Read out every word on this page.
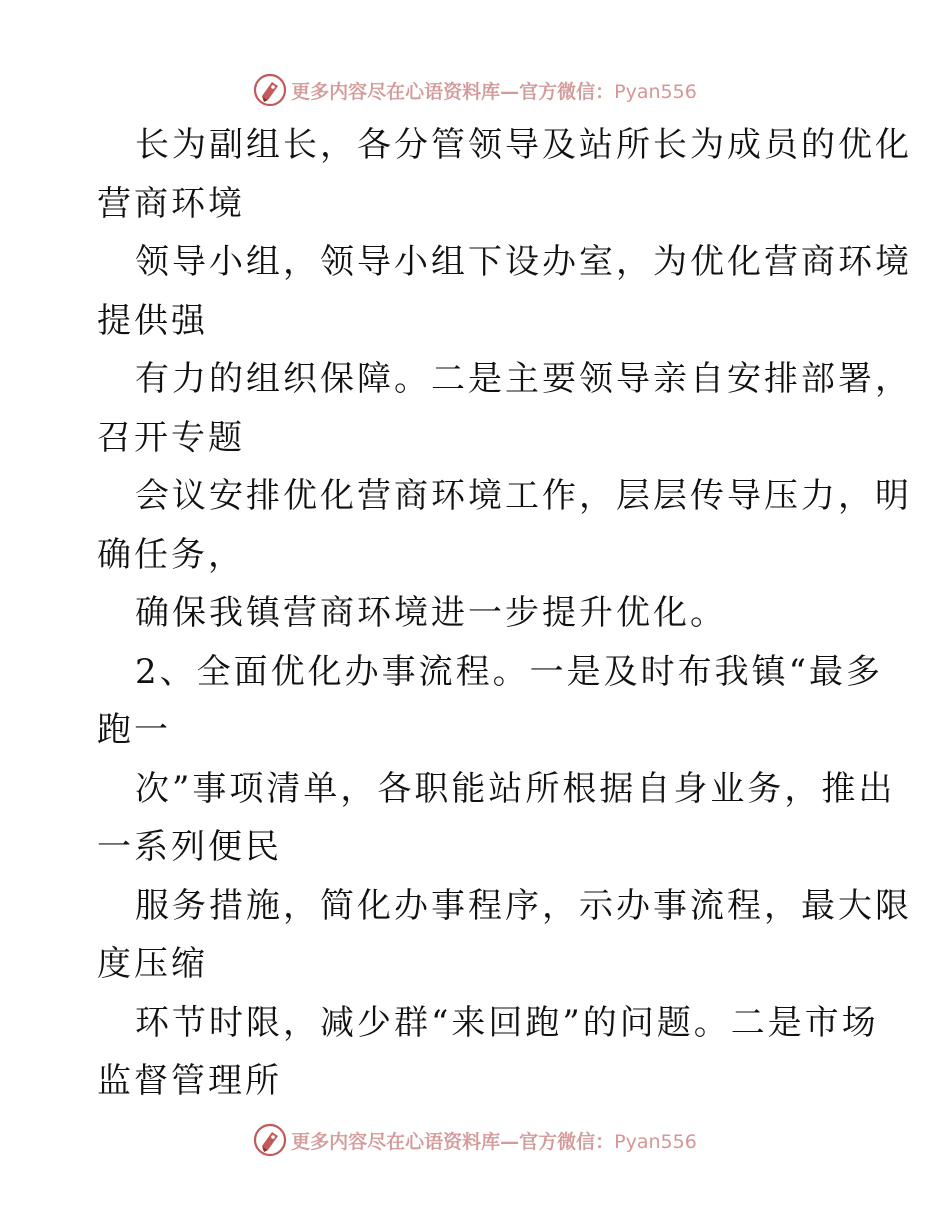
更多内容尽在心语资料库—官方微信：Pyan556
长为副组长，各分管领导及站所长为成员的优化
营商环境
领导小组，领导小组下设办室，为优化营商环境
提供强
有力的组织保障。二是主要领导亲自安排部署，
召开专题
会议安排优化营商环境工作，层层传导压力，明
确任务，
确保我镇营商环境进一步提升优化。
2、全面优化办事流程。一是及时布我镇“最多
跑一
次”事项清单，各职能站所根据自身业务，推出
一系列便民
服务措施，简化办事程序，示办事流程，最大限
度压缩
环节时限，减少群“来回跑”的问题。二是市场
监督管理所
更多内容尽在心语资料库—官方微信：Pyan556
